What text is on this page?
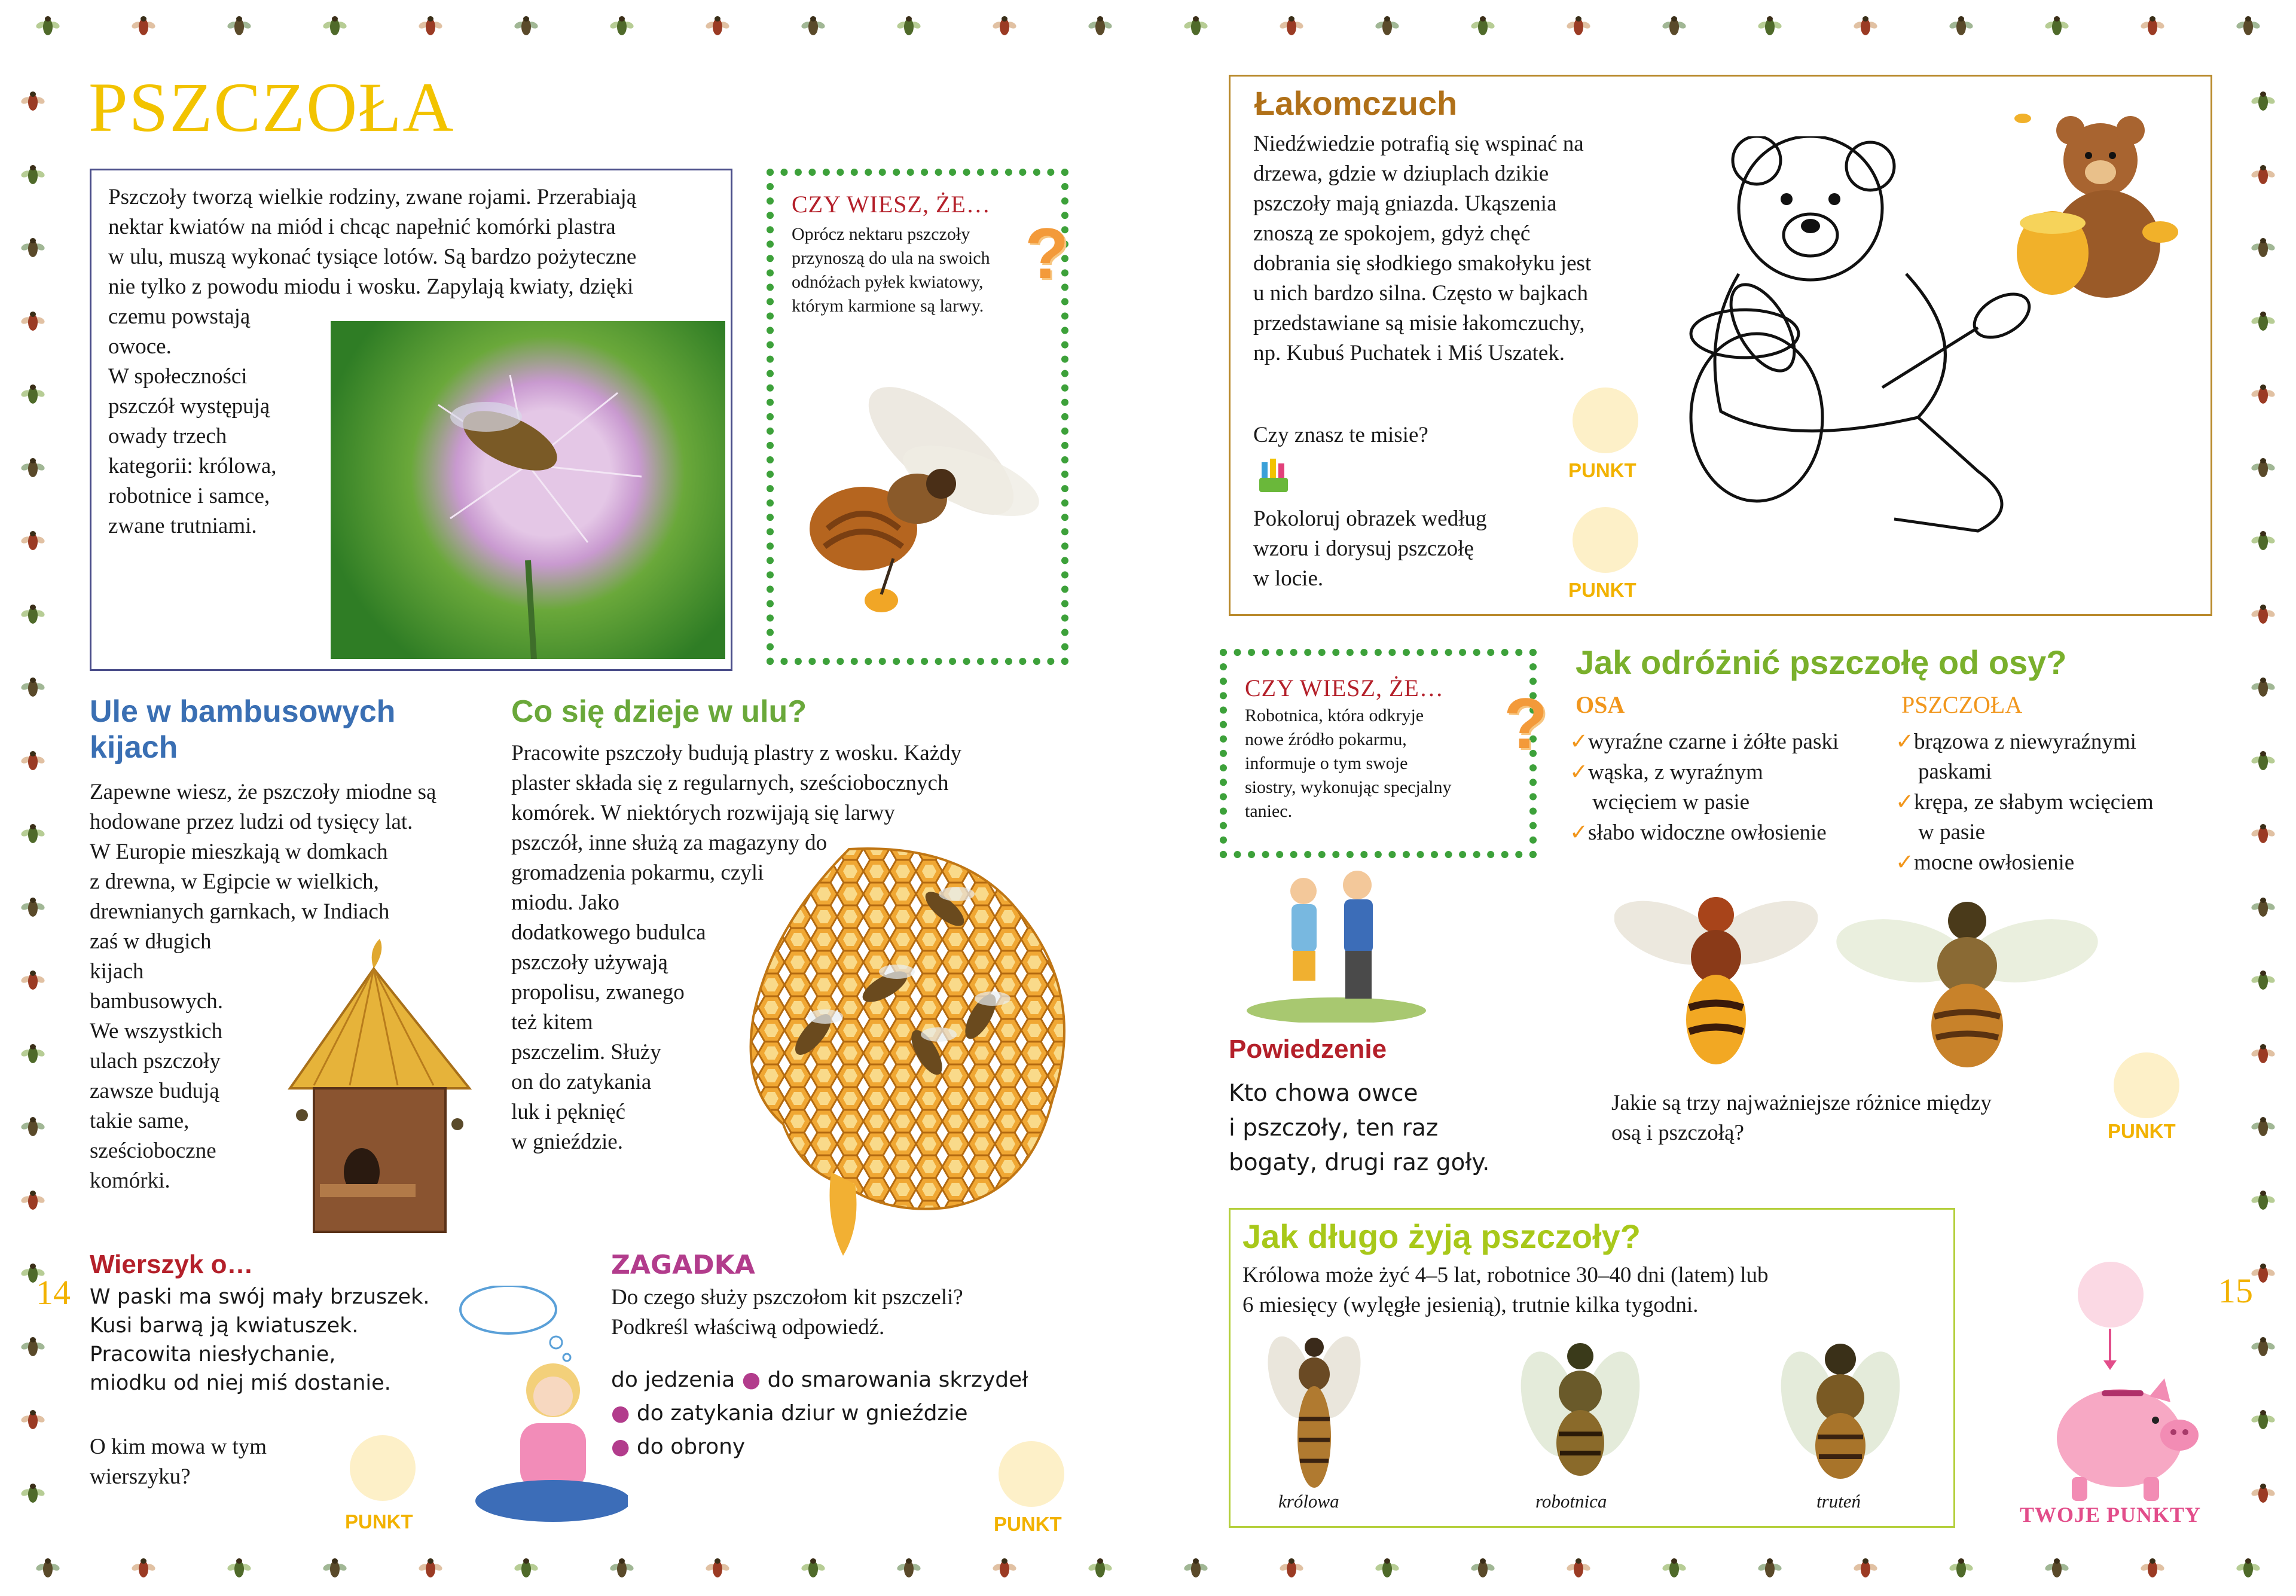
PSZCZOŁA
Pszczoły tworzą wielkie rodziny, zwane rojami. Przerabiają
nektar kwiatów na miód i chcąc napełnić komórki plastra
w ulu, muszą wykonać tysiące lotów. Są bardzo pożyteczne
nie tylko z powodu miodu i wosku. Zapylają kwiaty, dzięki
czemu powstają
owoce.
W społeczności
pszczół występują
owady trzech
kategorii: królowa,
robotnice i samce,
zwane trutniami.
CZY WIESZ, ŻE…
Oprócz nektaru pszczoły
przynoszą do ula na swoich
odnóżach pyłek kwiatowy,
którym karmione są larwy.
?
Ule w bambusowych
kijach
Zapewne wiesz, że pszczoły miodne są
hodowane przez ludzi od tysięcy lat.
W Europie mieszkają w domkach
z drewna, w Egipcie w wielkich,
drewnianych garnkach, w Indiach
zaś w długich
kijach
bambusowych.
We wszystkich
ulach pszczoły
zawsze budują
takie same,
sześcioboczne
komórki.
Co się dzieje w ulu?
Pracowite pszczoły budują plastry z wosku. Każdy
plaster składa się z regularnych, sześciobocznych
komórek. W niektórych rozwijają się larwy
pszczół, inne służą za magazyny do
gromadzenia pokarmu, czyli
miodu. Jako
dodatkowego budulca
pszczoły używają
propolisu, zwanego
też kitem
pszczelim. Służy
on do zatykania
luk i pęknięć
w gnieździe.
14
Wierszyk o…
W paski ma swój mały brzuszek.
Kusi barwą ją kwiatuszek.
Pracowita niesłychanie,
miodku od niej miś dostanie.
O kim mowa w tym
wierszyku?
PUNKT
ZAGADKA
Do czego służy pszczołom kit pszczeli?
Podkreśl właściwą odpowiedź.
do jedzenia ● do smarowania skrzydeł
● do zatykania dziur w gnieździe
● do obrony
PUNKT
Łakomczuch
Niedźwiedzie potrafią się wspinać na
drzewa, gdzie w dziuplach dzikie
pszczoły mają gniazda. Ukąszenia
znoszą ze spokojem, gdyż chęć
dobrania się słodkiego smakołyku jest
u nich bardzo silna. Często w bajkach
przedstawiane są misie łakomczuchy,
np. Kubuś Puchatek i Miś Uszatek.
Czy znasz te misie?
Pokoloruj obrazek według
wzoru i dorysuj pszczołę
w locie.
PUNKT
PUNKT
CZY WIESZ, ŻE…
Robotnica, która odkryje
nowe źródło pokarmu,
informuje o tym swoje
siostry, wykonując specjalny
taniec.
?
Powiedzenie
Kto chowa owce
i pszczoły, ten raz
bogaty, drugi raz goły.
Jak odróżnić pszczołę od osy?
OSA
✓wyraźne czarne i żółte paski
✓wąska, z wyraźnym
wcięciem w pasie
✓słabo widoczne owłosienie
PSZCZOŁA
✓brązowa z niewyraźnymi
paskami
✓krępa, ze słabym wcięciem
w pasie
✓mocne owłosienie
Jakie są trzy najważniejsze różnice między
osą i pszczołą?	PUNKT
Jak długo żyją pszczoły?
Królowa może żyć 4–5 lat, robotnice 30–40 dni (latem) lub
6 miesięcy (wylęgłe jesienią), trutnie kilka tygodni.
królowa	robotnica	truteń
15
TWOJE PUNKTY
